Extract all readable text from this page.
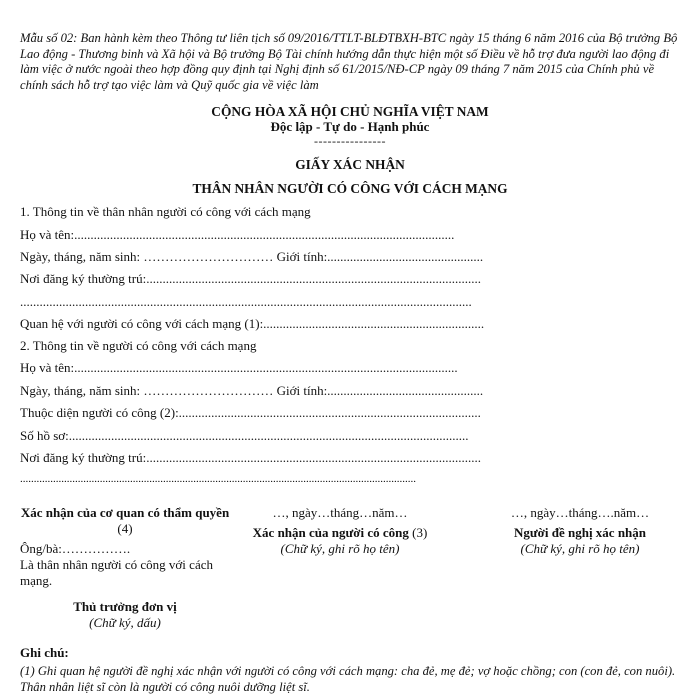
Mẫu số 02: Ban hành kèm theo Thông tư liên tịch số 09/2016/TTLT-BLĐTBXH-BTC ngày 15 tháng 6 năm 2016 của Bộ trưởng Bộ Lao động - Thương binh và Xã hội và Bộ trưởng Bộ Tài chính hướng dẫn thực hiện một số Điều về hỗ trợ đưa người lao động đi làm việc ở nước ngoài theo hợp đồng quy định tại Nghị định số 61/2015/NĐ-CP ngày 09 tháng 7 năm 2015 của Chính phủ về chính sách hỗ trợ tạo việc làm và Quỹ quốc gia về việc làm
CỘNG HÒA XÃ HỘI CHỦ NGHĨA VIỆT NAM
Độc lập - Tự do - Hạnh phúc
----------------
GIẤY XÁC NHẬN
THÂN NHÂN NGƯỜI CÓ CÔNG VỚI CÁCH MẠNG
1. Thông tin về thân nhân người có công với cách mạng
Họ và tên:.....................................................................................................................
Ngày, tháng, năm sinh: ………………………… Giới tính:................................................
Nơi đăng ký thường trú:.......................................................................................................
...........................................................................................................................................
Quan hệ với người có công với cách mạng (1):....................................................................
2. Thông tin về người có công với cách mạng
Họ và tên:......................................................................................................................
Ngày, tháng, năm sinh: ………………………… Giới tính:................................................
Thuộc diện người có công (2):.............................................................................................
Số hồ sơ:...........................................................................................................................
Nơi đăng ký thường trú:.......................................................................................................
................................................................................................................................................
Xác nhận của cơ quan có thẩm quyền (4)
Ông/bà:…………….
Là thân nhân người có công với cách mạng.
Thủ trưởng đơn vị
(Chữ ký, dấu)
…, ngày…tháng…năm…
Xác nhận của người có công (3)
(Chữ ký, ghi rõ họ tên)
…, ngày…tháng….năm…
Người đề nghị xác nhận
(Chữ ký, ghi rõ họ tên)
Ghi chú:
(1) Ghi quan hệ người đề nghị xác nhận với người có công với cách mạng: cha đẻ, mẹ đẻ; vợ hoặc chồng; con (con đẻ, con nuôi). Thân nhân liệt sĩ còn là người có công nuôi dưỡng liệt sĩ.
